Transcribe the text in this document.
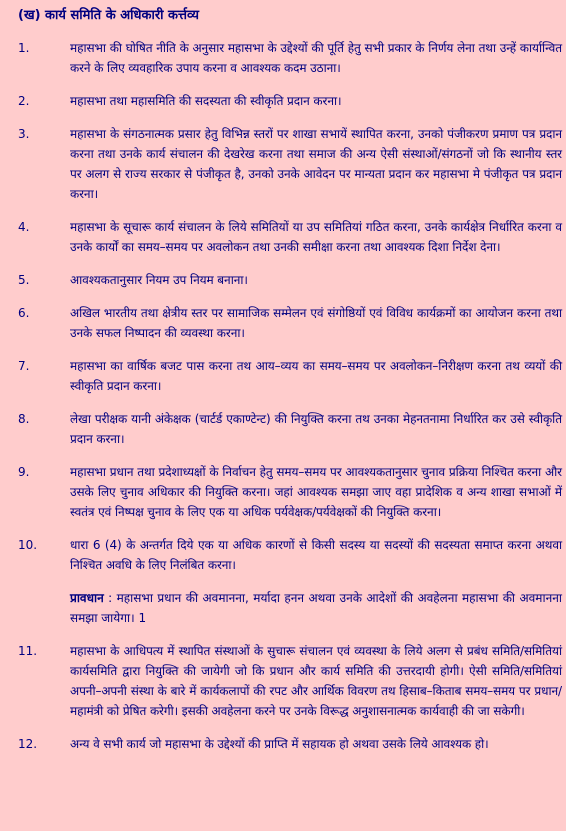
(ख) कार्य समिति के अधिकारी कर्त्तव्य
1.	महासभा की घोषित नीति के अनुसार महासभा के उद्देश्यों की पूर्ति हेतु सभी प्रकार के निर्णय लेना तथा उन्हें कार्यान्वित करने के लिए व्यवहारिक उपाय करना व आवश्यक कदम उठाना।
2.	महासभा तथा महासमिति की सदस्यता की स्वीकृति प्रदान करना।
3.	महासभा के संगठनात्मक प्रसार हेतु विभिन्न स्तरों पर शाखा सभायें स्थापित करना, उनको पंजीकरण प्रमाण पत्र प्रदान करना तथा उनके कार्य संचालन की देखरेख करना तथा समाज की अन्य ऐसी संस्थाओं/संगठनों जो कि स्थानीय स्तर पर अलग से राज्य सरकार से पंजीकृत है, उनको उनके आवेदन पर मान्यता प्रदान कर महासभा मे पंजीकृत पत्र प्रदान करना।
4.	महासभा के सूचारू कार्य संचालन के लिये समितियों या उप समितियां गठित करना, उनके कार्यक्षेत्र निर्धारित करना व उनके कार्यों का समय–समय पर अवलोकन तथा उनकी समीक्षा करना तथा आवश्यक दिशा निर्देश देना।
5.	आवश्यकतानुसार नियम उप नियम बनाना।
6.	अखिल भारतीय तथा क्षेत्रीय स्तर पर सामाजिक सम्मेलन एवं संगोष्ठियों एवं विविध कार्यक्रमों का आयोजन करना तथा उनके सफल निष्पादन की व्यवस्था करना।
7.	महासभा का वार्षिक बजट पास करना तथ आय–व्यय का समय–समय पर अवलोकन–निरीक्षण करना तथ व्ययों की स्वीकृति प्रदान करना।
8.	लेखा परीक्षक यानी अंकेक्षक (चार्टर्ड एकाण्टेन्ट) की नियुक्ति करना तथ उनका मेहनतनामा निर्धारित कर उसे स्वीकृति प्रदान करना।
9.	महासभा प्रधान तथा प्रदेशाध्यक्षों के निर्वाचन हेतु समय–समय पर आवश्यकतानुसार चुनाव प्रक्रिया निश्चित करना और उसके लिए चुनाव अधिकार की नियुक्ति करना। जहां आवश्यक समझा जाए वहा प्रादेशिक व अन्य शाखा सभाओं में स्वतंत्र एवं निष्पक्ष चुनाव के लिए एक या अधिक पर्यवेक्षक/पर्यवेक्षकों की नियुक्ति करना।
10.	धारा 6 (4) के अन्तर्गत दिये एक या अधिक कारणों से किसी सदस्य या सदस्यों की सदस्यता समाप्त करना अथवा निश्चित अवधि के लिए निलंबित करना।
प्रावधान : महासभा प्रधान की अवमानना, मर्यादा हनन अथवा उनके आदेशों की अवहेलना महासभा की अवमानना समझा जायेगा। 1
11.	महासभा के आधिपत्य में स्थापित संस्थाओं के सुचारू संचालन एवं व्यवस्था के लिये अलग से प्रबंध समिति/समितियां कार्यसमिति द्वारा नियुक्ति की जायेगी जो कि प्रधान और कार्य समिति की उत्तरदायी होगी। ऐसी समिति/समितियां अपनी–अपनी संस्था के बारे में कार्यकलापों की रपट और आर्थिक विवरण तथ हिसाब–किताब समय–समय पर प्रधान/महामंत्री को प्रेषित करेगी। इसकी अवहेलना करने पर उनके विरूद्ध अनुशासनात्मक कार्यवाही की जा सकेगी।
12.	अन्य वे सभी कार्य जो महासभा के उद्देश्यों की प्राप्ति में सहायक हो अथवा उसके लिये आवश्यक हो।
